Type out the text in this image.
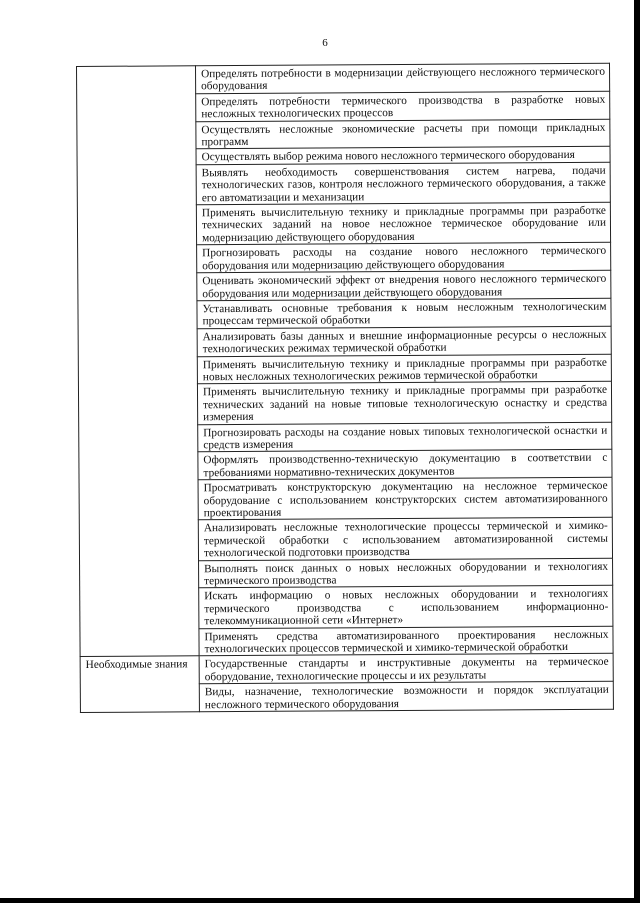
6
	Определять потребности в модернизации действующего несложного термического оборудования
	Определять потребности термического производства в разработке новых несложных технологических процессов
	Осуществлять несложные экономические расчеты при помощи прикладных программ
	Осуществлять выбор режима нового несложного термического оборудования
	Выявлять необходимость совершенствования систем нагрева, подачи технологических газов, контроля несложного термического оборудования, а также его автоматизации и механизации
	Применять вычислительную технику и прикладные программы при разработке технических заданий на новое несложное термическое оборудование или модернизацию действующего оборудования
	Прогнозировать расходы на создание нового несложного термического оборудования или модернизацию действующего оборудования
	Оценивать экономический эффект от внедрения нового несложного термического оборудования или модернизации действующего оборудования
	Устанавливать основные требования к новым несложным технологическим процессам термической обработки
	Анализировать базы данных и внешние информационные ресурсы о несложных технологических режимах термической обработки
	Применять вычислительную технику и прикладные программы при разработке новых несложных технологических режимов термической обработки
	Применять вычислительную технику и прикладные программы при разработке технических заданий на новые типовые технологическую оснастку и средства измерения
	Прогнозировать расходы на создание новых типовых технологической оснастки и средств измерения
	Оформлять производственно-техническую документацию в соответствии с требованиями нормативно-технических документов
	Просматривать конструкторскую документацию на несложное термическое оборудование с использованием конструкторских систем автоматизированного проектирования
	Анализировать несложные технологические процессы термической и химико-термической обработки с использованием автоматизированной системы технологической подготовки производства
	Выполнять поиск данных о новых несложных оборудовании и технологиях термического производства
	Искать информацию о новых несложных оборудовании и технологиях термического производства с использованием информационно-телекоммуникационной сети «Интернет»
	Применять средства автоматизированного проектирования несложных технологических процессов термической и химико-термической обработки
Необходимые знания	Государственные стандарты и инструктивные документы на термическое оборудование, технологические процессы и их результаты
	Виды, назначение, технологические возможности и порядок эксплуатации несложного термического оборудования
